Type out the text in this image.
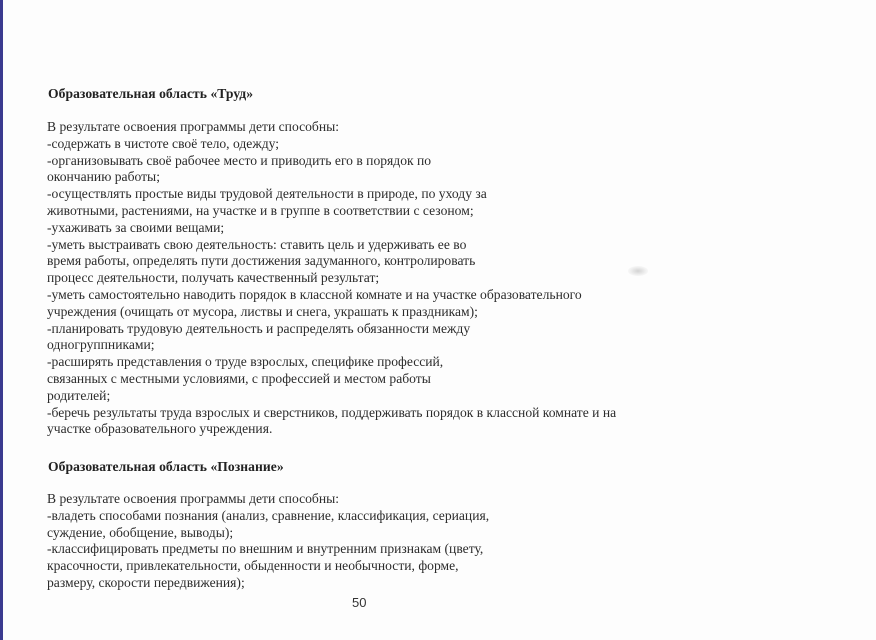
Образовательная область «Труд»
В результате освоения программы дети способны:
-содержать в чистоте своё тело, одежду;
-организовывать своё рабочее место и приводить его в порядок по
окончанию работы;
-осуществлять простые виды трудовой деятельности в природе, по уходу за
животными, растениями, на участке и в группе в соответствии с сезоном;
-ухаживать за своими вещами;
-уметь выстраивать свою деятельность: ставить цель и удерживать ее во
время работы, определять пути достижения задуманного, контролировать
процесс деятельности, получать качественный результат;
-уметь самостоятельно наводить порядок в классной комнате и на участке образовательного
учреждения (очищать от мусора, листвы и снега, украшать к праздникам);
-планировать трудовую деятельность и распределять обязанности между
одногруппниками;
-расширять представления о труде взрослых, специфике профессий,
связанных с местными условиями, с профессией и местом работы
родителей;
-беречь результаты труда взрослых и сверстников, поддерживать порядок в классной комнате и на
участке образовательного учреждения.
Образовательная область «Познание»
В результате освоения программы дети способны:
-владеть способами познания (анализ, сравнение, классификация, сериация,
суждение, обобщение, выводы);
-классифицировать предметы по внешним и внутренним признакам (цвету,
красочности, привлекательности, обыденности и необычности, форме,
размеру, скорости передвижения);
50
